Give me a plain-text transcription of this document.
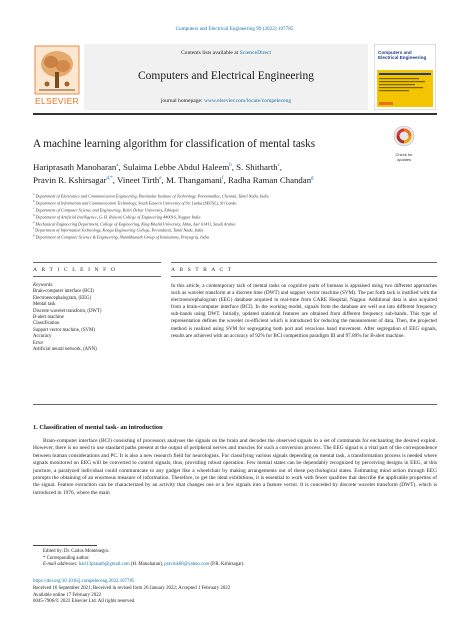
Computers and Electrical Engineering 99 (2022) 107785
ELSEVIER
Contents lists available at ScienceDirect
Computers and Electrical Engineering
journal homepage: www.elsevier.com/locate/compeleceng
Computers and Electrical Engineering
A machine learning algorithm for classification of mental tasks
Check for
updates
Hariprasath Manoharan$^a$, Sulaima Lebbe Abdul Haleem$^b$, S. Shitharth$^c$,
Pravin R. Kshirsagar$^{d,*}$, Vineet Tirth$^e$, M. Thangamani$^f$, Radha Raman Chandan$^g$
$^a$ Department of Electronics and Communication Engineering, Panimalar Institute of Technology, Poonamallee, Chennai, Tamil Nadu, India
$^b$ Department of Information and Communication Technology, South Eastern University of Sri Lanka (SEUSL), Sri Lanka
$^c$ Department of Computer Science and Engineering, Kebri Dehar University, Ethiopia
$^d$ Department of Artificial Intelligence, G. H. Raisoni College of Engineering 440016, Nagpur India
$^e$ Mechanical Engineering Department, College of Engineering, King Khalid University, Abha, Asir 61411, Saudi Arabia
$^f$ Department of Information Technology, Kongu Engineering College, Perundurai, Tamil Nadu, India
$^g$ Department of Computer Science & Engineering, Shambhunath Group of Institutions, Prayagraj, India
A R T I C L E I N F O	A B S T R A C T
Keywords:
Brain-computer interface (BCI)
Electroencephalogram, (EEG)
Mental task
Discrete wavelet transform, (DWT)
B-alert machine
Classification
Support vector machine, (SVM)
Accuracy
Error
Artificial neural network, (ANN)
In this article, a contemporary tack of mental tasks on cognitive parts of humans is appraised using two different approaches such as wavelet transform at a discrete time (DWT) and support vector machine (SVM). The put forth tack is instilled with the electroencephalogram (EEG) database acquired in real-time from CARE Hospital, Nagpur. Additional data is also acquired from a brain-computer interface (BCI). In the working model, signals from the database are well out into different frequency sub-bands using DWT. Initially, updated statistical features are obtained from different frequency sub-bands. This type of representation defines the wavelet co-efficient which is introduced for reducing the measurement of data. Then, the projected method is realized using SVM for segregating both port and veracious hand movement. After segregation of EEG signals, results are achieved with an accuracy of 92% for BCI competition paradigm III and 97.89% for B-alert machine.
1. Classification of mental task- an introduction
Brain-computer interface (BCI) consisting of processors analyses the signals on the brain and decodes the observed signals to a set of commands for enchanting the desired exploit. However, there is no need to use standard paths present at the output of peripheral nerves and muscles for such a conversion process. The EEG signal is a vital part of the correspondence between human considerations and PC. It is also a new research field for neurologists. For classifying various signals depending on mental task, a transformation process is needed where signals monitored on EEG will be converted to control signals, thus, providing robust operation. Few mental states can be dependably recognized by perceiving designs in EEG, at this juncture, a paralyzed individual could communicate to any gadget like a wheelchair by making arrangements out of these psychological states. Estimating mind action through EEG prompts the obtaining of an enormous measure of information. Therefore, to get the ideal exhibitions, it is essential to work with fewer qualities that describe the applicable properties of the signal. Feature extraction can be characterized by an activity that changes one or a few signals into a feature vector. It is conceded by discrete wavelet transform (DWT), which is introduced in 1976, where the main
Edited by: Dr. Carlos Montenegro.
* Corresponding author.
E-mail addresses: hari13prasath@gmail.com (H. Manoharan), pravink88@yahoo.com (P.R. Kshirsagar).
https://doi.org/10.1016/j.compeleceng.2022.107785
Received 16 September 2021; Received in revised form 26 January 2022; Accepted 1 February 2022
Available online 17 February 2022
0045-7906/© 2022 Elsevier Ltd. All rights reserved.
